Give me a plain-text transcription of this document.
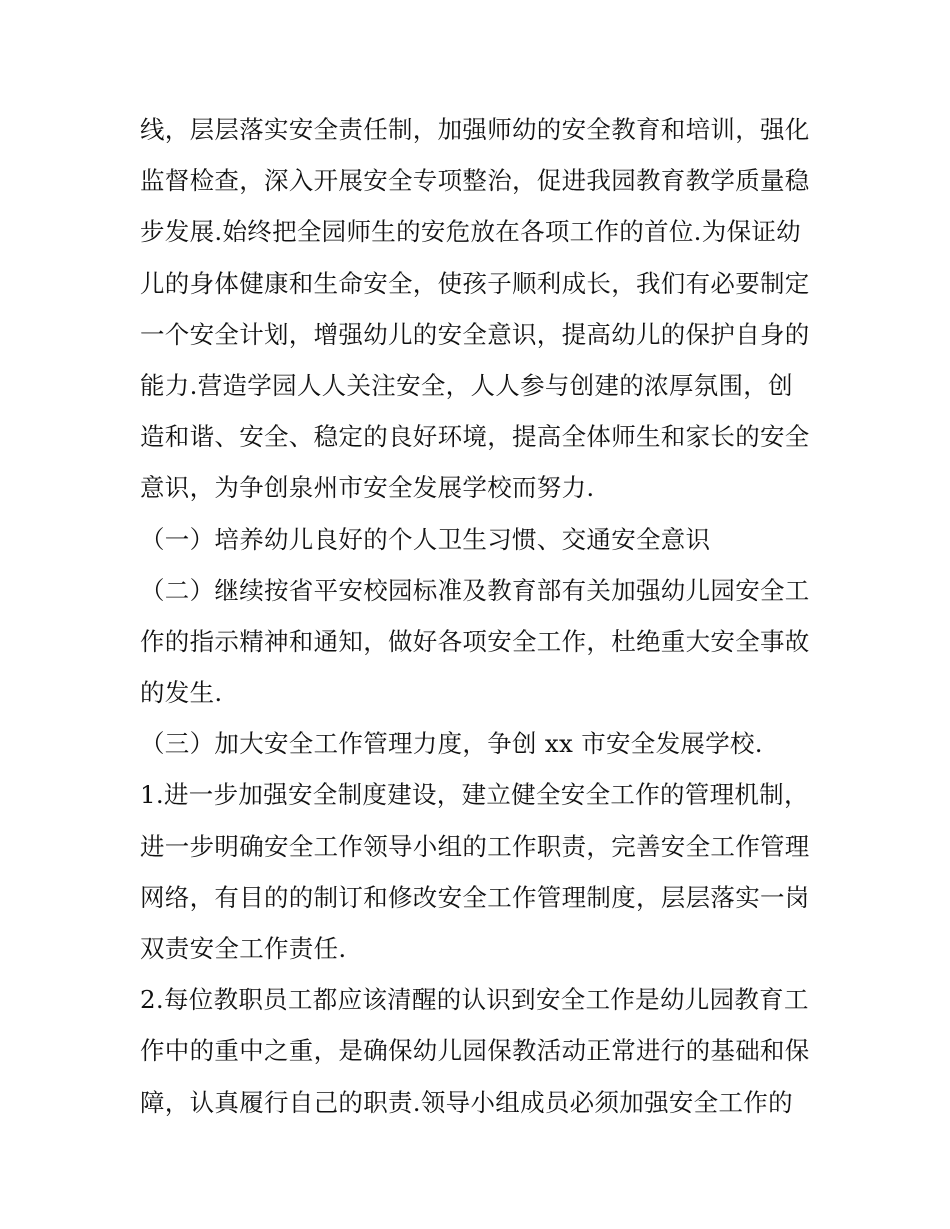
线，层层落实安全责任制，加强师幼的安全教育和培训，强化
监督检查，深入开展安全专项整治，促进我园教育教学质量稳
步发展.始终把全园师生的安危放在各项工作的首位.为保证幼
儿的身体健康和生命安全，使孩子顺利成长，我们有必要制定
一个安全计划，增强幼儿的安全意识，提高幼儿的保护自身的
能力.营造学园人人关注安全，人人参与创建的浓厚氛围，创
造和谐、安全、稳定的良好环境，提高全体师生和家长的安全
意识，为争创泉州市安全发展学校而努力.
（一）培养幼儿良好的个人卫生习惯、交通安全意识
（二）继续按省平安校园标准及教育部有关加强幼儿园安全工
作的指示精神和通知，做好各项安全工作，杜绝重大安全事故
的发生.
（三）加大安全工作管理力度，争创 xx 市安全发展学校.
1.进一步加强安全制度建设，建立健全安全工作的管理机制，
进一步明确安全工作领导小组的工作职责，完善安全工作管理
网络，有目的的制订和修改安全工作管理制度，层层落实一岗
双责安全工作责任.
2.每位教职员工都应该清醒的认识到安全工作是幼儿园教育工
作中的重中之重，是确保幼儿园保教活动正常进行的基础和保
障，认真履行自己的职责.领导小组成员必须加强安全工作的
